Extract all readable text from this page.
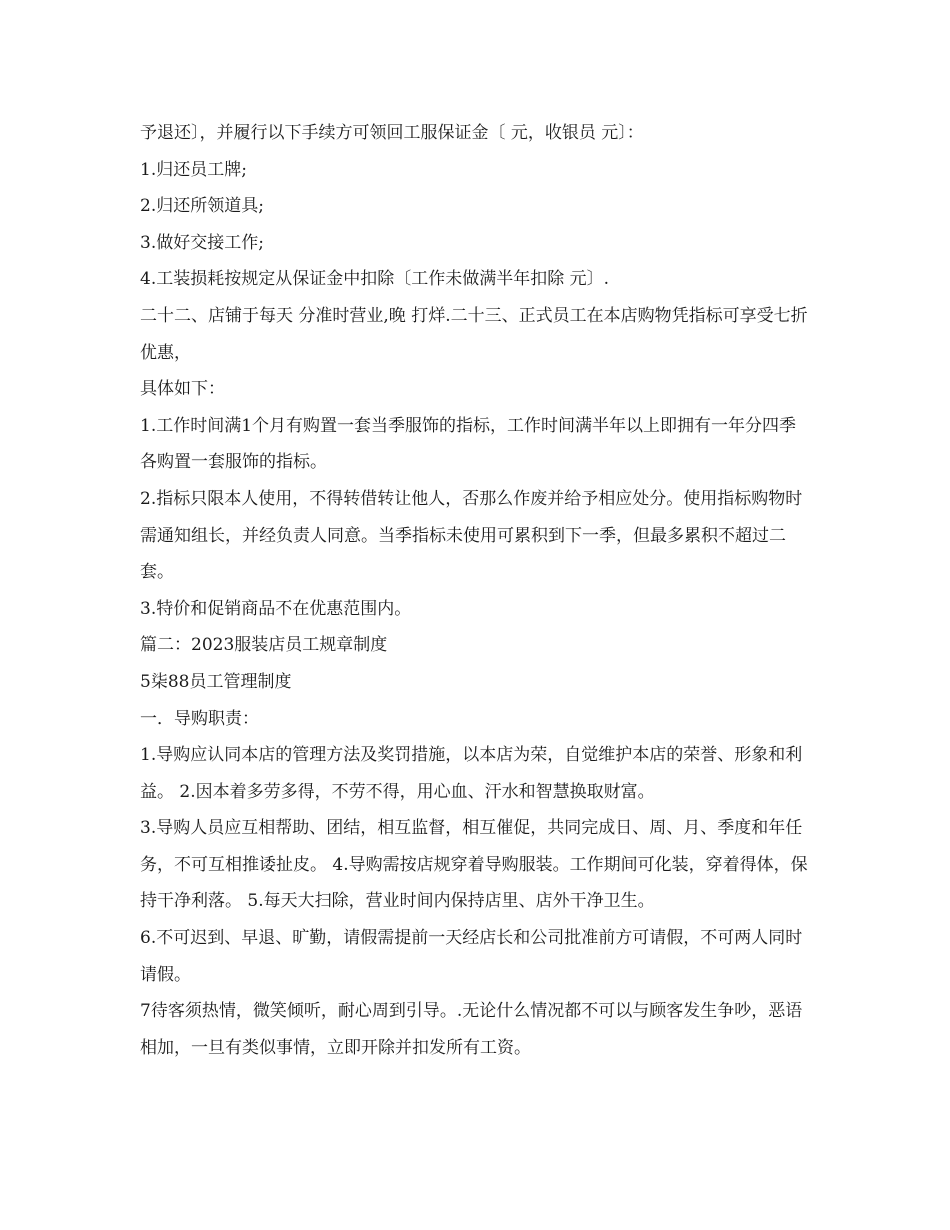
予退还〕，并履行以下手续方可领回工服保证金〔 元，收银员 元〕：

1.归还员工牌;

2.归还所领道具;

3.做好交接工作;

4.工装损耗按规定从保证金中扣除〔工作未做满半年扣除 元〕.

二十二、店铺于每天 分准时营业,晚 打烊.二十三、正式员工在本店购物凭指标可享受七折优惠，

具体如下：

1.工作时间满1个月有购置一套当季服饰的指标，工作时间满半年以上即拥有一年分四季各购置一套服饰的指标。

2.指标只限本人使用，不得转借转让他人，否那么作废并给予相应处分。使用指标购物时需通知组长，并经负责人同意。当季指标未使用可累积到下一季，但最多累积不超过二套。

3.特价和促销商品不在优惠范围内。

篇二：2023服装店员工规章制度

5柒88员工管理制度

一．导购职责：

1.导购应认同本店的管理方法及奖罚措施，以本店为荣，自觉维护本店的荣誉、形象和利益。 2.因本着多劳多得，不劳不得，用心血、汗水和智慧换取财富。

3.导购人员应互相帮助、团结，相互监督，相互催促，共同完成日、周、月、季度和年任务，不可互相推诿扯皮。 4.导购需按店规穿着导购服装。工作期间可化装，穿着得体，保持干净利落。 5.每天大扫除，营业时间内保持店里、店外干净卫生。

6.不可迟到、早退、旷勤，请假需提前一天经店长和公司批准前方可请假，不可两人同时请假。

7待客须热情，微笑倾听，耐心周到引导。.无论什么情况都不可以与顾客发生争吵，恶语相加，一旦有类似事情，立即开除并扣发所有工资。
